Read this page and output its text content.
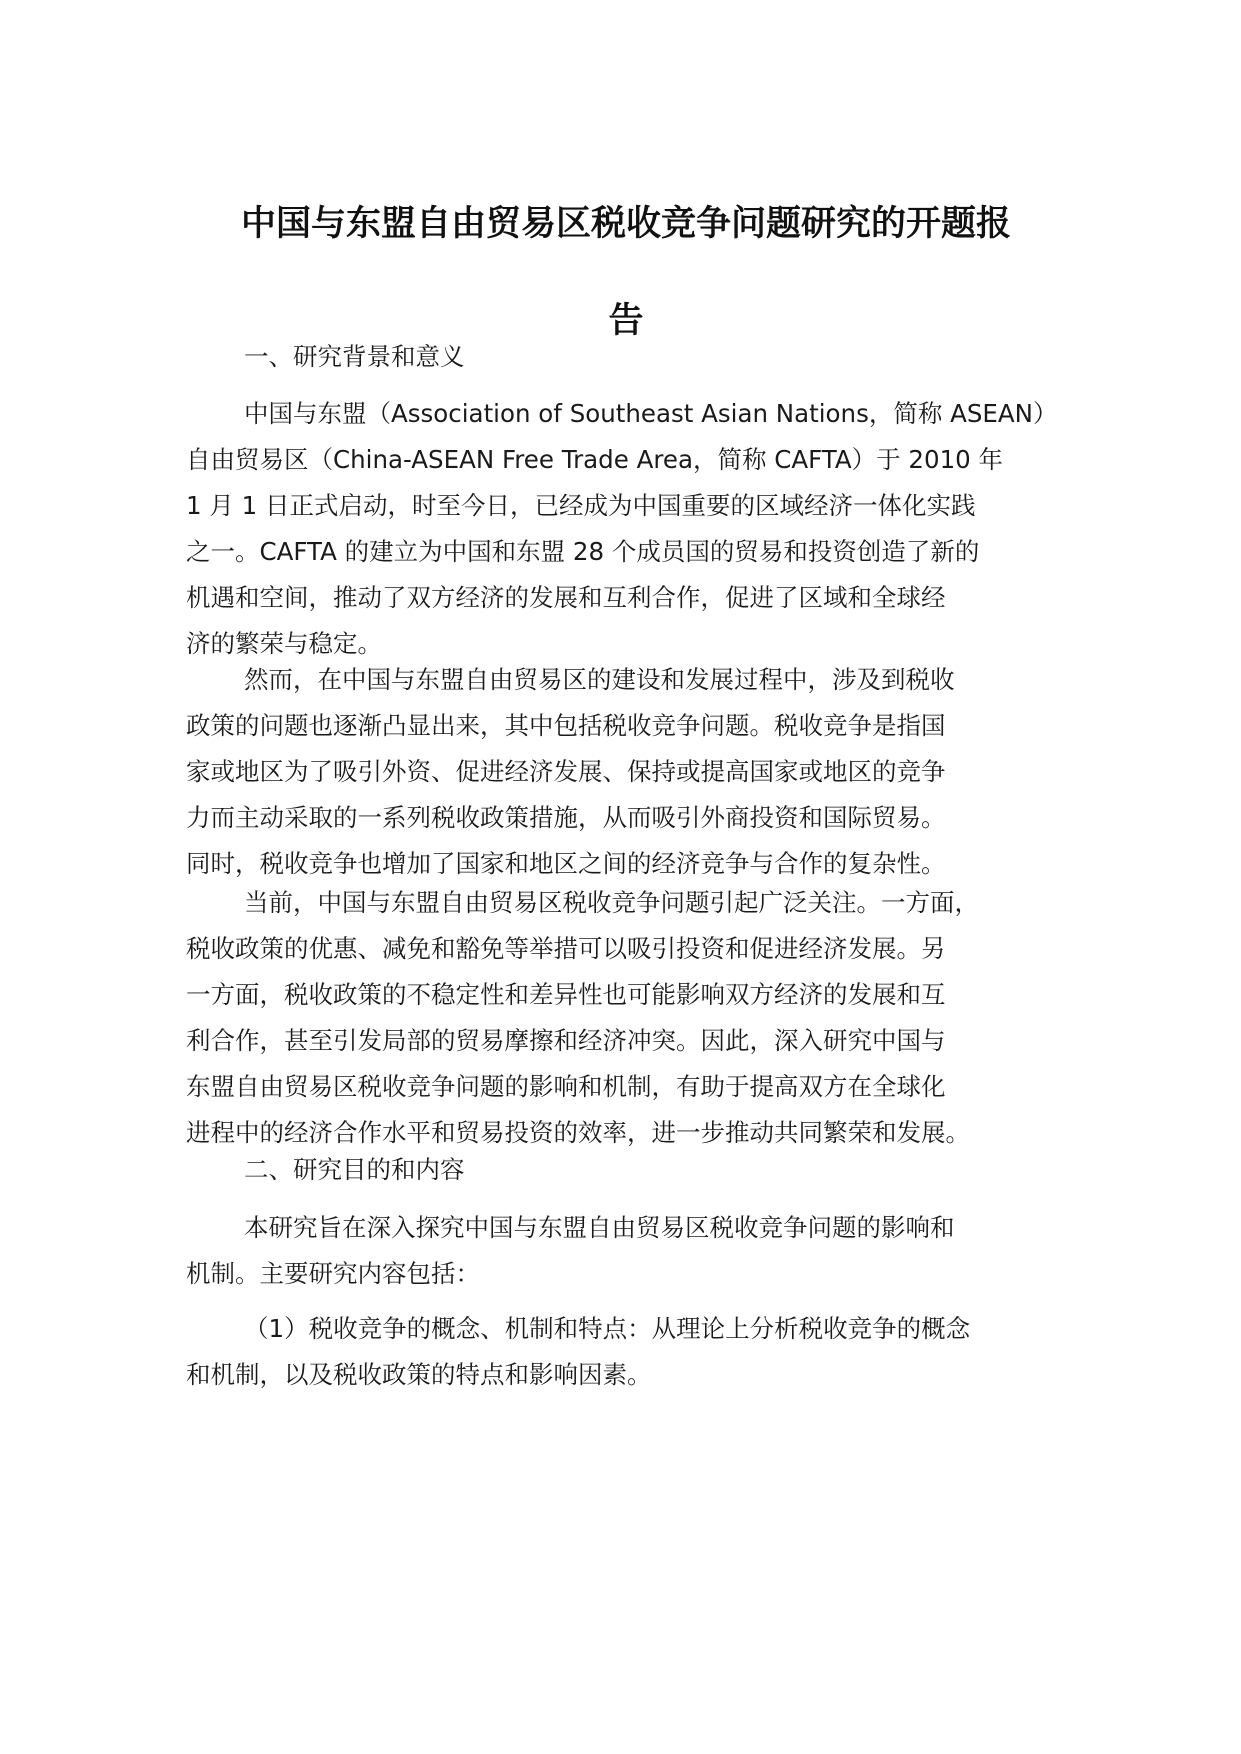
中国与东盟自由贸易区税收竞争问题研究的开题报
告

一、研究背景和意义

中国与东盟（Association of Southeast Asian Nations，简称 ASEAN）
自由贸易区（China-ASEAN Free Trade Area，简称 CAFTA）于 2010 年
1 月 1 日正式启动，时至今日，已经成为中国重要的区域经济一体化实践
之一。CAFTA 的建立为中国和东盟 28 个成员国的贸易和投资创造了新的
机遇和空间，推动了双方经济的发展和互利合作，促进了区域和全球经
济的繁荣与稳定。

然而，在中国与东盟自由贸易区的建设和发展过程中，涉及到税收
政策的问题也逐渐凸显出来，其中包括税收竞争问题。税收竞争是指国
家或地区为了吸引外资、促进经济发展、保持或提高国家或地区的竞争
力而主动采取的一系列税收政策措施，从而吸引外商投资和国际贸易。
同时，税收竞争也增加了国家和地区之间的经济竞争与合作的复杂性。

当前，中国与东盟自由贸易区税收竞争问题引起广泛关注。一方面，
税收政策的优惠、减免和豁免等举措可以吸引投资和促进经济发展。另
一方面，税收政策的不稳定性和差异性也可能影响双方经济的发展和互
利合作，甚至引发局部的贸易摩擦和经济冲突。因此，深入研究中国与
东盟自由贸易区税收竞争问题的影响和机制，有助于提高双方在全球化
进程中的经济合作水平和贸易投资的效率，进一步推动共同繁荣和发展。

二、研究目的和内容

本研究旨在深入探究中国与东盟自由贸易区税收竞争问题的影响和
机制。主要研究内容包括：

（1）税收竞争的概念、机制和特点：从理论上分析税收竞争的概念
和机制，以及税收政策的特点和影响因素。
